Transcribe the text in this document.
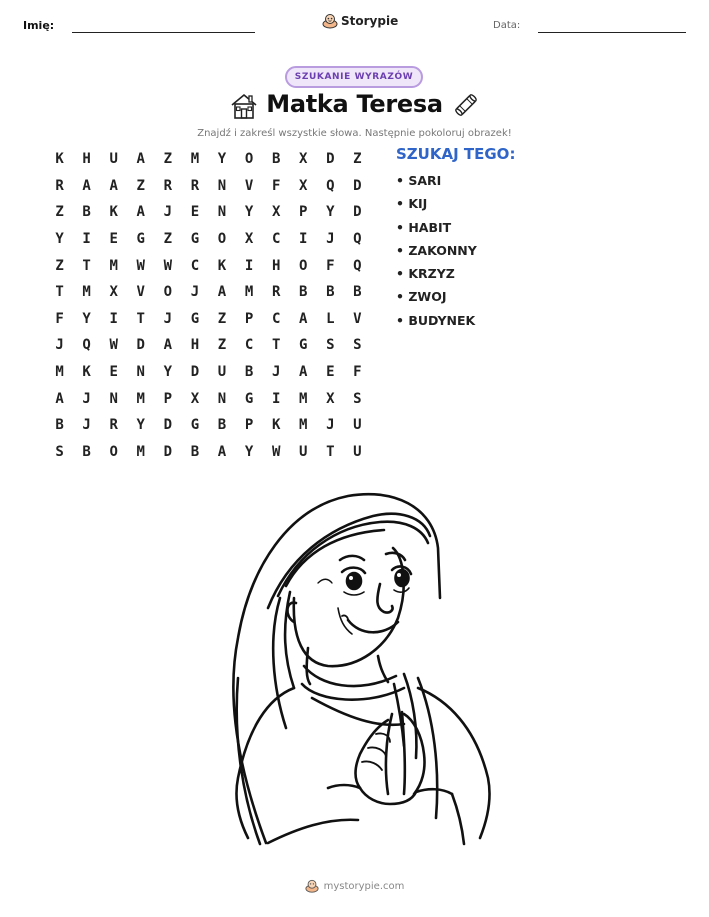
Imię:	Storypie	Data:
SZUKANIE WYRAZÓW
Matka Teresa
Znajdź i zakreśl wszystkie słowa. Następnie pokoloruj obrazek!
K	H	U	A	Z	M	Y	O	B	X	D	Z
R	A	A	Z	R	R	N	V	F	X	Q	D
Z	B	K	A	J	E	N	Y	X	P	Y	D
Y	I	E	G	Z	G	O	X	C	I	J	Q
Z	T	M	W	W	C	K	I	H	O	F	Q
T	M	X	V	O	J	A	M	R	B	B	B
F	Y	I	T	J	G	Z	P	C	A	L	V
J	Q	W	D	A	H	Z	C	T	G	S	S
M	K	E	N	Y	D	U	B	J	A	E	F
A	J	N	M	P	X	N	G	I	M	X	S
B	J	R	Y	D	G	B	P	K	M	J	U
S	B	O	M	D	B	A	Y	W	U	T	U
SZUKAJ TEGO:
• SARI
• KIJ
• HABIT
• ZAKONNY
• KRZYZ
• ZWOJ
• BUDYNEK
mystorypie.com
